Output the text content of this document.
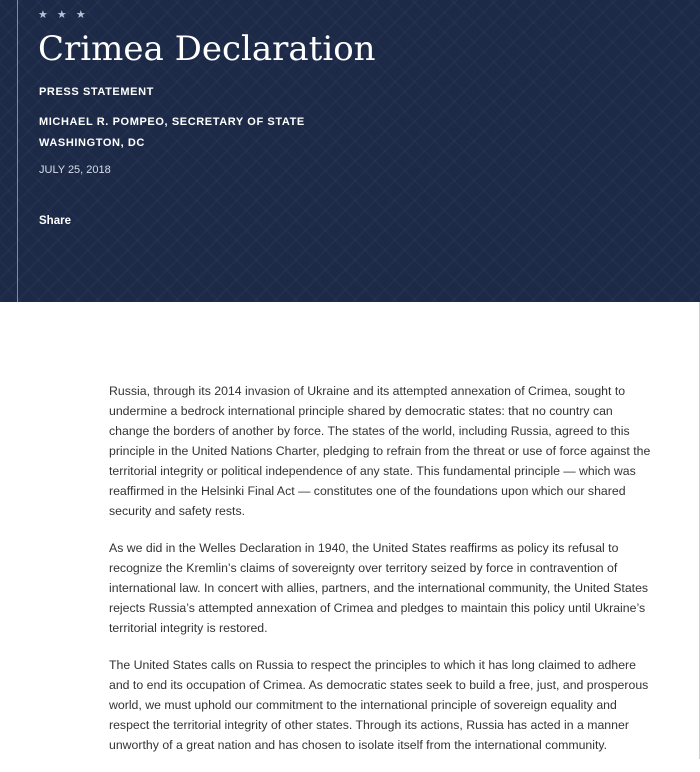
★ ★ ★
Crimea Declaration
PRESS STATEMENT
MICHAEL R. POMPEO, SECRETARY OF STATE
WASHINGTON, DC
JULY 25, 2018
Share

Russia, through its 2014 invasion of Ukraine and its attempted annexation of Crimea, sought to undermine a bedrock international principle shared by democratic states: that no country can change the borders of another by force. The states of the world, including Russia, agreed to this principle in the United Nations Charter, pledging to refrain from the threat or use of force against the territorial integrity or political independence of any state. This fundamental principle — which was reaffirmed in the Helsinki Final Act — constitutes one of the foundations upon which our shared security and safety rests.

As we did in the Welles Declaration in 1940, the United States reaffirms as policy its refusal to recognize the Kremlin’s claims of sovereignty over territory seized by force in contravention of international law. In concert with allies, partners, and the international community, the United States rejects Russia’s attempted annexation of Crimea and pledges to maintain this policy until Ukraine’s territorial integrity is restored.

The United States calls on Russia to respect the principles to which it has long claimed to adhere and to end its occupation of Crimea. As democratic states seek to build a free, just, and prosperous world, we must uphold our commitment to the international principle of sovereign equality and respect the territorial integrity of other states. Through its actions, Russia has acted in a manner unworthy of a great nation and has chosen to isolate itself from the international community.
